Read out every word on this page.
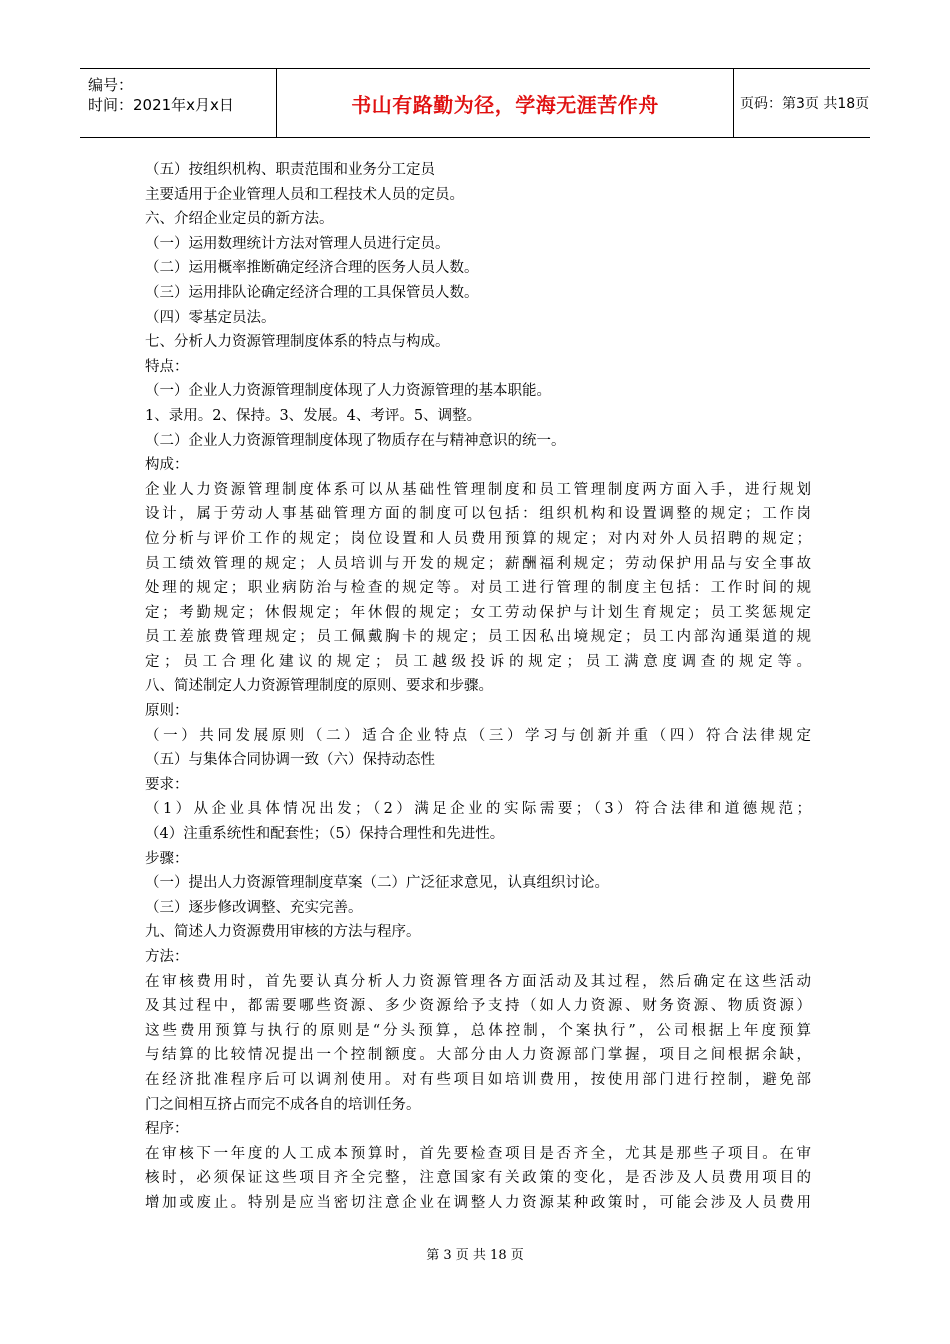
编号：
时间：2021年x月x日	书山有路勤为径，学海无涯苦作舟	页码：第3页 共18页
（五）按组织机构、职责范围和业务分工定员
主要适用于企业管理人员和工程技术人员的定员。
六、介绍企业定员的新方法。
（一）运用数理统计方法对管理人员进行定员。
（二）运用概率推断确定经济合理的医务人员人数。
（三）运用排队论确定经济合理的工具保管员人数。
（四）零基定员法。
七、分析人力资源管理制度体系的特点与构成。
特点：
（一）企业人力资源管理制度体现了人力资源管理的基本职能。
1、录用。2、保持。3、发展。4、考评。5、调整。
（二）企业人力资源管理制度体现了物质存在与精神意识的统一。
构成：
企业人力资源管理制度体系可以从基础性管理制度和员工管理制度两方面入手，进行规划
设计，属于劳动人事基础管理方面的制度可以包括：组织机构和设置调整的规定；工作岗
位分析与评价工作的规定；岗位设置和人员费用预算的规定；对内对外人员招聘的规定；
员工绩效管理的规定；人员培训与开发的规定；薪酬福利规定；劳动保护用品与安全事故
处理的规定；职业病防治与检查的规定等。对员工进行管理的制度主包括：工作时间的规
定；考勤规定；休假规定；年休假的规定；女工劳动保护与计划生育规定；员工奖惩规定
员工差旅费管理规定；员工佩戴胸卡的规定；员工因私出境规定；员工内部沟通渠道的规
定；员工合理化建议的规定；员工越级投诉的规定；员工满意度调查的规定等。
八、简述制定人力资源管理制度的原则、要求和步骤。
原则：
（一）共同发展原则（二）适合企业特点（三）学习与创新并重（四）符合法律规定
（五）与集体合同协调一致（六）保持动态性
要求：
（1）从企业具体情况出发；（2）满足企业的实际需要；（3）符合法律和道德规范；
（4）注重系统性和配套性；（5）保持合理性和先进性。
步骤：
（一）提出人力资源管理制度草案（二）广泛征求意见，认真组织讨论。
（三）逐步修改调整、充实完善。
九、简述人力资源费用审核的方法与程序。
方法：
在审核费用时，首先要认真分析人力资源管理各方面活动及其过程，然后确定在这些活动
及其过程中，都需要哪些资源、多少资源给予支持（如人力资源、财务资源、物质资源）
这些费用预算与执行的原则是“分头预算，总体控制，个案执行”，公司根据上年度预算
与结算的比较情况提出一个控制额度。大部分由人力资源部门掌握，项目之间根据余缺，
在经济批准程序后可以调剂使用。对有些项目如培训费用，按使用部门进行控制，避免部
门之间相互挤占而完不成各自的培训任务。
程序：
在审核下一年度的人工成本预算时，首先要检查项目是否齐全，尤其是那些子项目。在审
核时，必须保证这些项目齐全完整，注意国家有关政策的变化，是否涉及人员费用项目的
增加或废止。特别是应当密切注意企业在调整人力资源某种政策时，可能会涉及人员费用
第 3 页 共 18 页
